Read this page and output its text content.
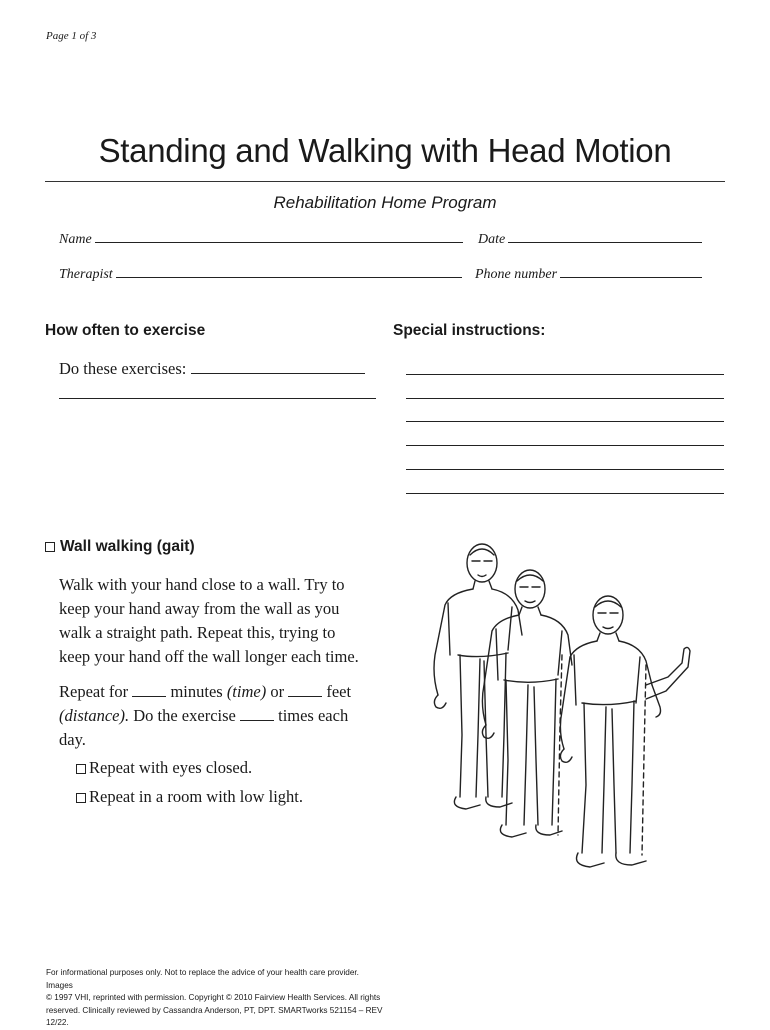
Page 1 of 3
Standing and Walking with Head Motion
Rehabilitation Home Program
Name	Date
Therapist	Phone number
How often to exercise
Do these exercises:
Special instructions:
Wall walking (gait)
Walk with your hand close to a wall. Try to
keep your hand away from the wall as you
walk a straight path. Repeat this, trying to
keep your hand off the wall longer each time.
Repeat for	minutes (time) or	feet
(distance). Do the exercise	times each
day.
Repeat with eyes closed.
Repeat in a room with low light.
For informational purposes only. Not to replace the advice of your health care provider. Images
© 1997 VHI, reprinted with permission. Copyright © 2010 Fairview Health Services. All rights
reserved. Clinically reviewed by Cassandra Anderson, PT, DPT. SMARTworks 521154 – REV 12/22.
